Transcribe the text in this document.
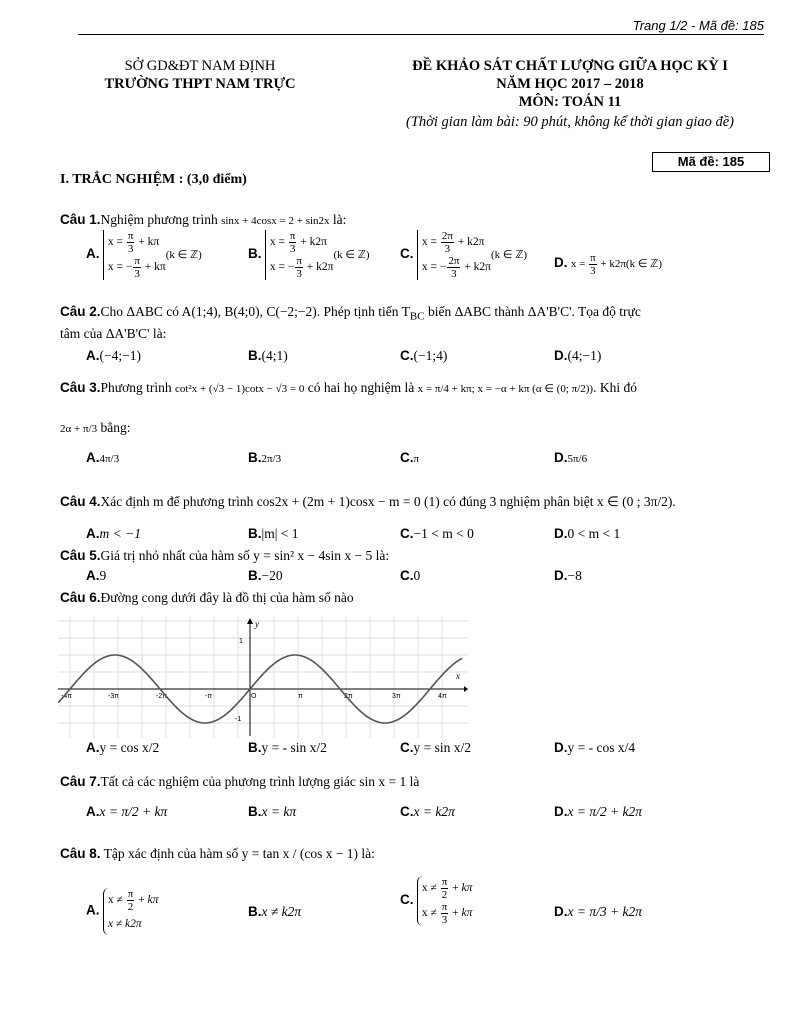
Trang 1/2 - Mã đề: 185
SỞ GD&ĐT NAM ĐỊNH
TRƯỜNG THPT NAM TRỰC
ĐỀ KHẢO SÁT CHẤT LƯỢNG GIỮA HỌC KỲ I
NĂM HỌC 2017 – 2018
MÔN: TOÁN 11
(Thời gian làm bài: 90 phút, không kể thời gian giao đề)
Mã đề: 185
I. TRẮC NGHIỆM : (3,0 điểm)
Câu 1.Nghiệm phương trình sinx + 4cosx = 2 + sin2x là:
A.
$x = \frac{\pi}{3} + k\pi$
x = − $\frac{\pi}{3} + k\pi$
(k ∈ ℤ)	B.
$x = \frac{\pi}{3} + k2\pi$
x = − $\frac{\pi}{3} + k2\pi$
(k ∈ ℤ) C.
$x = \frac{2\pi}{3} + k2\pi$
x = − $\frac{2\pi}{3} + k2\pi$
(k ∈ ℤ) D. $x = \frac{\pi}{3} + k2\pi(k$ ∈ ℤ)
Câu 2.Cho ΔABC có A(1;4), B(4;0), C(−2;−2). Phép tịnh tiến $T_{BC}$ biến ΔABC thành ΔA'B'C'. Tọa độ trực
tâm của ΔA'B'C' là:
A.(−4;−1)	B.(4;1)	C.(−1;4)	D.(4;−1)
Câu 3.Phương trình cot²x + (√3 − 1)cotx − √3 = 0 có hai họ nghiệm là x = π/4 + kπ; x = −α + kπ (α ∈ (0; π/2)). Khi đó
2α + π/3 bằng:
A.4π/3	B.2π/3	C.π	D.5π/6
Câu 4.Xác định m để phương trình cos2x + (2m + 1)cosx − m = 0 (1) có đúng 3 nghiệm phân biệt x ∈ (0 ; 3π/2).
A.m < −1	B.|m| < 1	C.−1 < m < 0	D.0 < m < 1
Câu 5.Giá trị nhỏ nhất của hàm số y = sin² x − 4sin x − 5 là:
A.9	B.−20	C.0	D.−8
Câu 6.Đường cong dưới đây là đồ thị của hàm số nào
x
y
1
-1
-4π	-3π	-2π	-π	O	π	2π	3π	4π
A.y = cos x/2	B.y = - sin x/2	C.y = sin x/2	D.y = - cos x/4
Câu 7.Tất cả các nghiệm của phương trình lượng giác sin x = 1 là
A.x = π/2 + kπ	B.x = kπ	C.x = k2π	D.x = π/2 + k2π
Câu 8. Tập xác định của hàm số y = tan x / (cos x − 1) là:
A.
$x \ne \frac{\pi}{2} + k\pi$
x ≠ k2π
B.x ≠ k2π
C.
$x \ne \frac{\pi}{2} + k\pi$
$x \ne \frac{\pi}{3} + k\pi$	D.x = π/3 + k2π
